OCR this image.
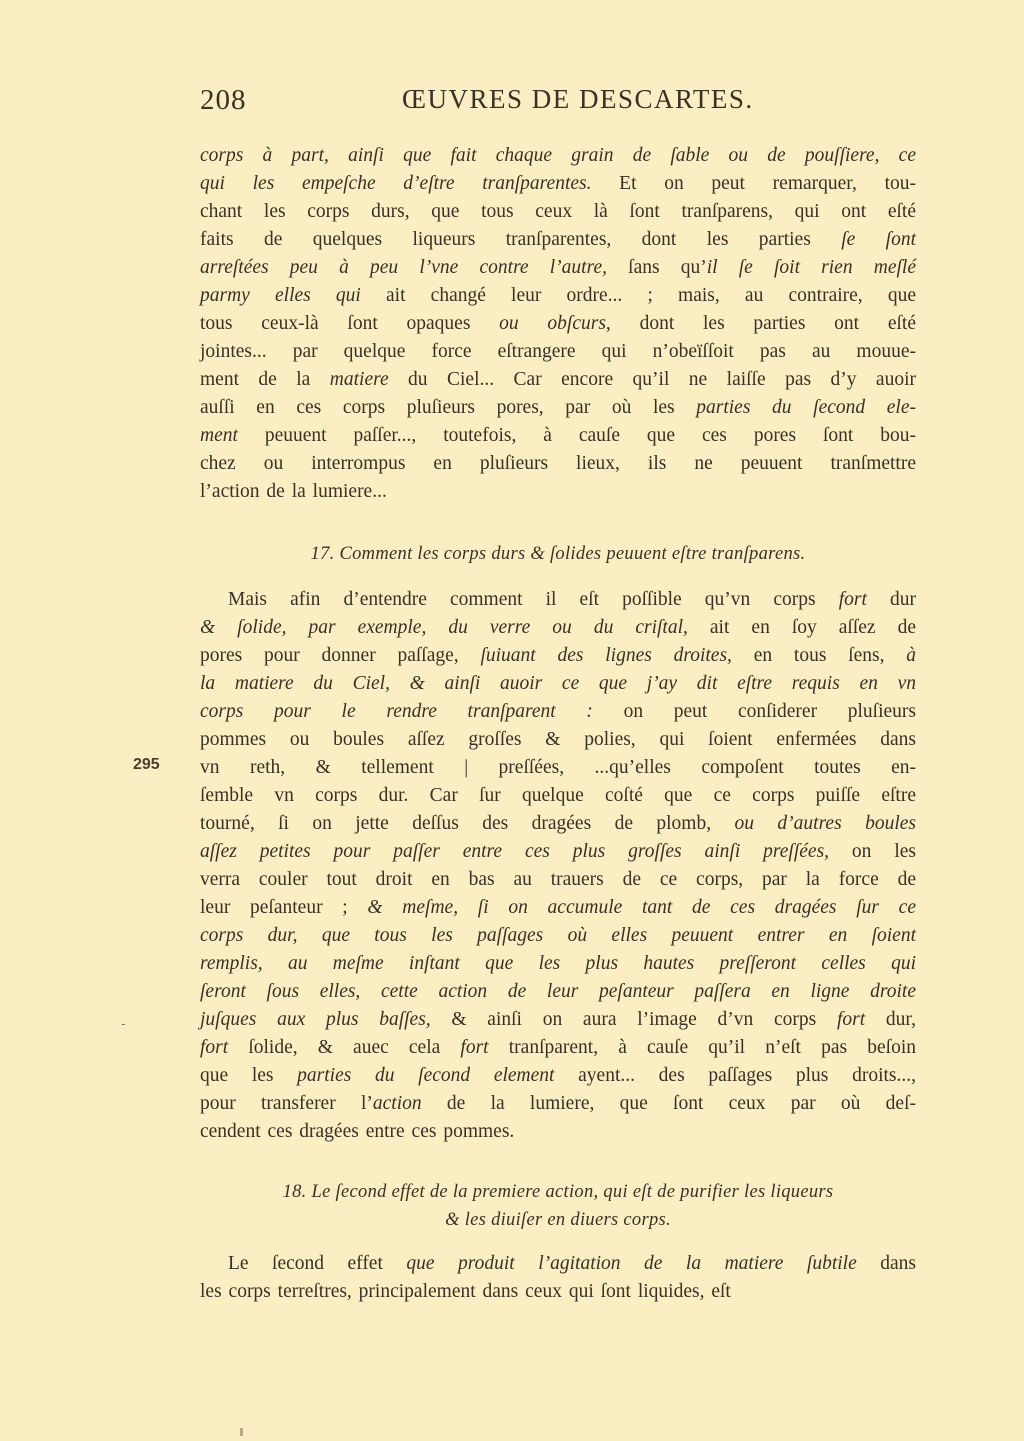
208	ŒUVRES DE DESCARTES.
corps à part, ainſi que fait chaque grain de ſable ou de pouſſiere, ce
qui les empeſche d’eſtre tranſparentes. Et on peut remarquer, tou-
chant les corps durs, que tous ceux là ſont tranſparens, qui ont eſté
faits de quelques liqueurs tranſparentes, dont les parties ſe ſont
arreſtées peu à peu l’vne contre l’autre, ſans qu’il ſe ſoit rien meſlé
parmy elles qui ait changé leur ordre... ; mais, au contraire, que
tous ceux-là ſont opaques ou obſcurs, dont les parties ont eſté
jointes... par quelque force eſtrangere qui n’obeïſſoit pas au mouue-
ment de la matiere du Ciel... Car encore qu’il ne laiſſe pas d’y auoir
auſſi en ces corps pluſieurs pores, par où les parties du ſecond ele-
ment peuuent paſſer..., toutefois, à cauſe que ces pores ſont bou-
chez ou interrompus en pluſieurs lieux, ils ne peuuent tranſmettre
l’action de la lumiere...
17. Comment les corps durs & ſolides peuuent eſtre tranſparens.
Mais afin d’entendre comment il eſt poſſible qu’vn corps fort dur
& ſolide, par exemple, du verre ou du criſtal, ait en ſoy aſſez de
pores pour donner paſſage, ſuiuant des lignes droites, en tous ſens, à
la matiere du Ciel, & ainſi auoir ce que j’ay dit eſtre requis en vn
corps pour le rendre tranſparent : on peut conſiderer pluſieurs
pommes ou boules aſſez groſſes & polies, qui ſoient enfermées dans
vn reth, & tellement | preſſées, ...qu’elles compoſent toutes en-
ſemble vn corps dur. Car ſur quelque coſté que ce corps puiſſe eſtre
tourné, ſi on jette deſſus des dragées de plomb, ou d’autres boules
aſſez petites pour paſſer entre ces plus groſſes ainſi preſſées, on les
verra couler tout droit en bas au trauers de ce corps, par la force de
leur peſanteur ; & meſme, ſi on accumule tant de ces dragées ſur ce
corps dur, que tous les paſſages où elles peuuent entrer en ſoient
remplis, au meſme inſtant que les plus hautes preſſeront celles qui
ſeront ſous elles, cette action de leur peſanteur paſſera en ligne droite
juſques aux plus baſſes, & ainſi on aura l’image d’vn corps fort dur,
fort ſolide, & auec cela fort tranſparent, à cauſe qu’il n’eſt pas beſoin
que les parties du ſecond element ayent... des paſſages plus droits...,
pour transferer l’action de la lumiere, que ſont ceux par où deſ-
cendent ces dragées entre ces pommes.
18. Le ſecond effet de la premiere action, qui eſt de purifier les liqueurs
& les diuiſer en diuers corps.
Le ſecond effet que produit l’agitation de la matiere ſubtile dans
les corps terreſtres, principalement dans ceux qui ſont liquides, eſt
295
-
